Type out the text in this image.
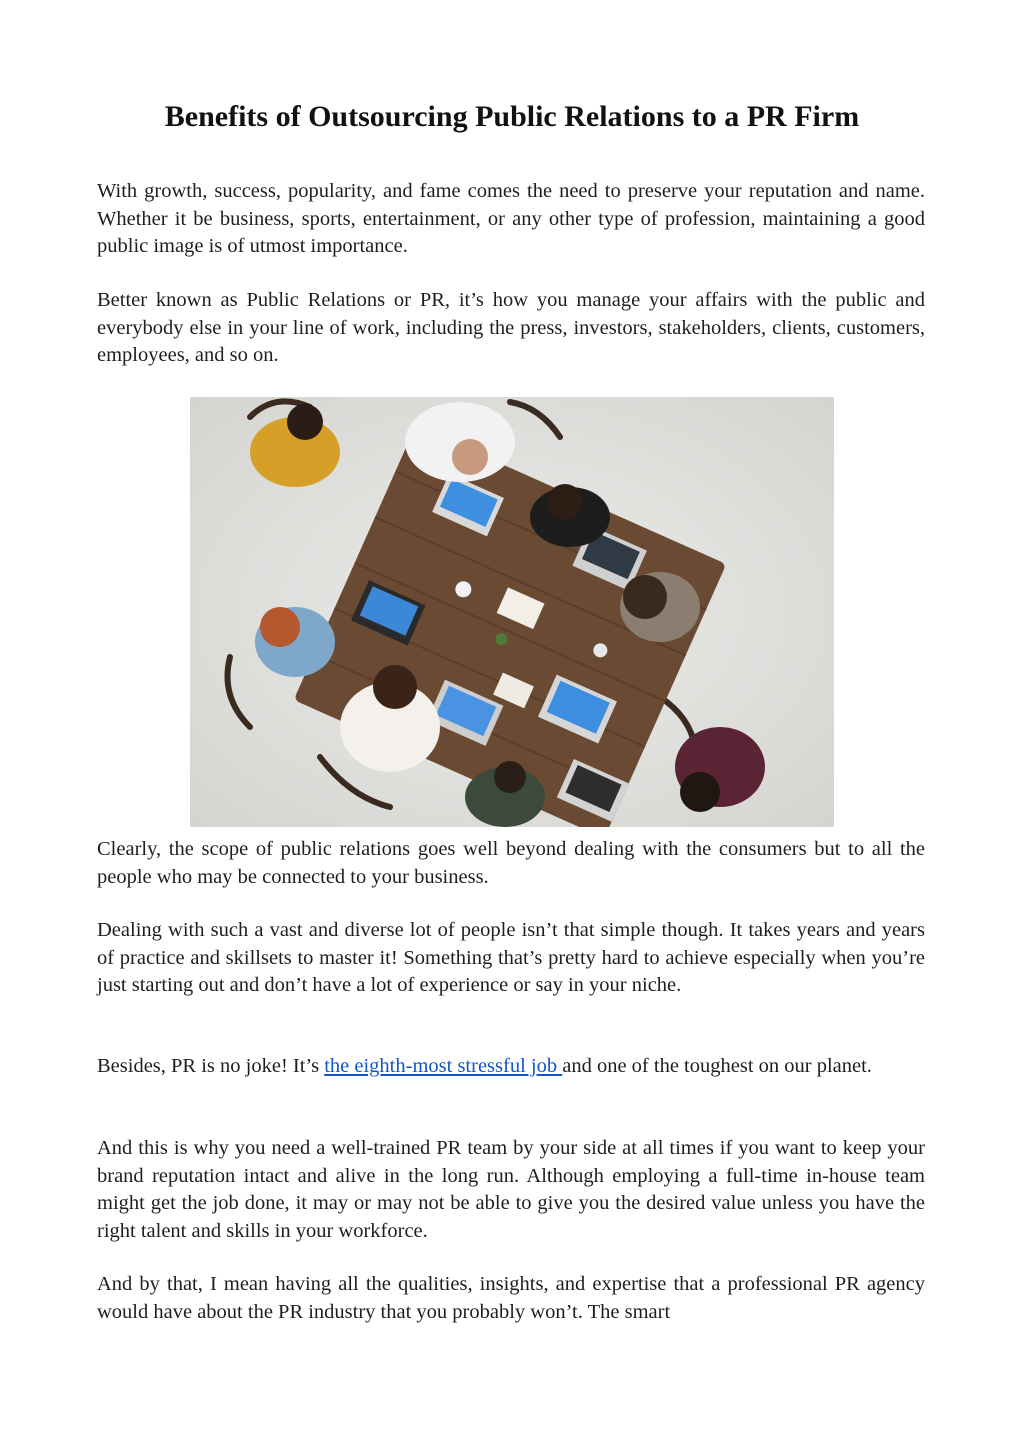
Benefits of Outsourcing Public Relations to a PR Firm

With growth, success, popularity, and fame comes the need to preserve your reputation and name. Whether it be business, sports, entertainment, or any other type of profession, maintaining a good public image is of utmost importance.

Better known as Public Relations or PR, it’s how you manage your affairs with the public and everybody else in your line of work, including the press, investors, stakeholders, clients, customers, employees, and so on.

Clearly, the scope of public relations goes well beyond dealing with the consumers but to all the people who may be connected to your business.

Dealing with such a vast and diverse lot of people isn’t that simple though. It takes years and years of practice and skillsets to master it! Something that’s pretty hard to achieve especially when you’re just starting out and don’t have a lot of experience or say in your niche.

Besides, PR is no joke! It’s the eighth-most stressful job and one of the toughest on our planet.

And this is why you need a well-trained PR team by your side at all times if you want to keep your brand reputation intact and alive in the long run. Although employing a full-time in-house team might get the job done, it may or may not be able to give you the desired value unless you have the right talent and skills in your workforce.

And by that, I mean having all the qualities, insights, and expertise that a professional PR agency would have about the PR industry that you probably won’t. The smart
